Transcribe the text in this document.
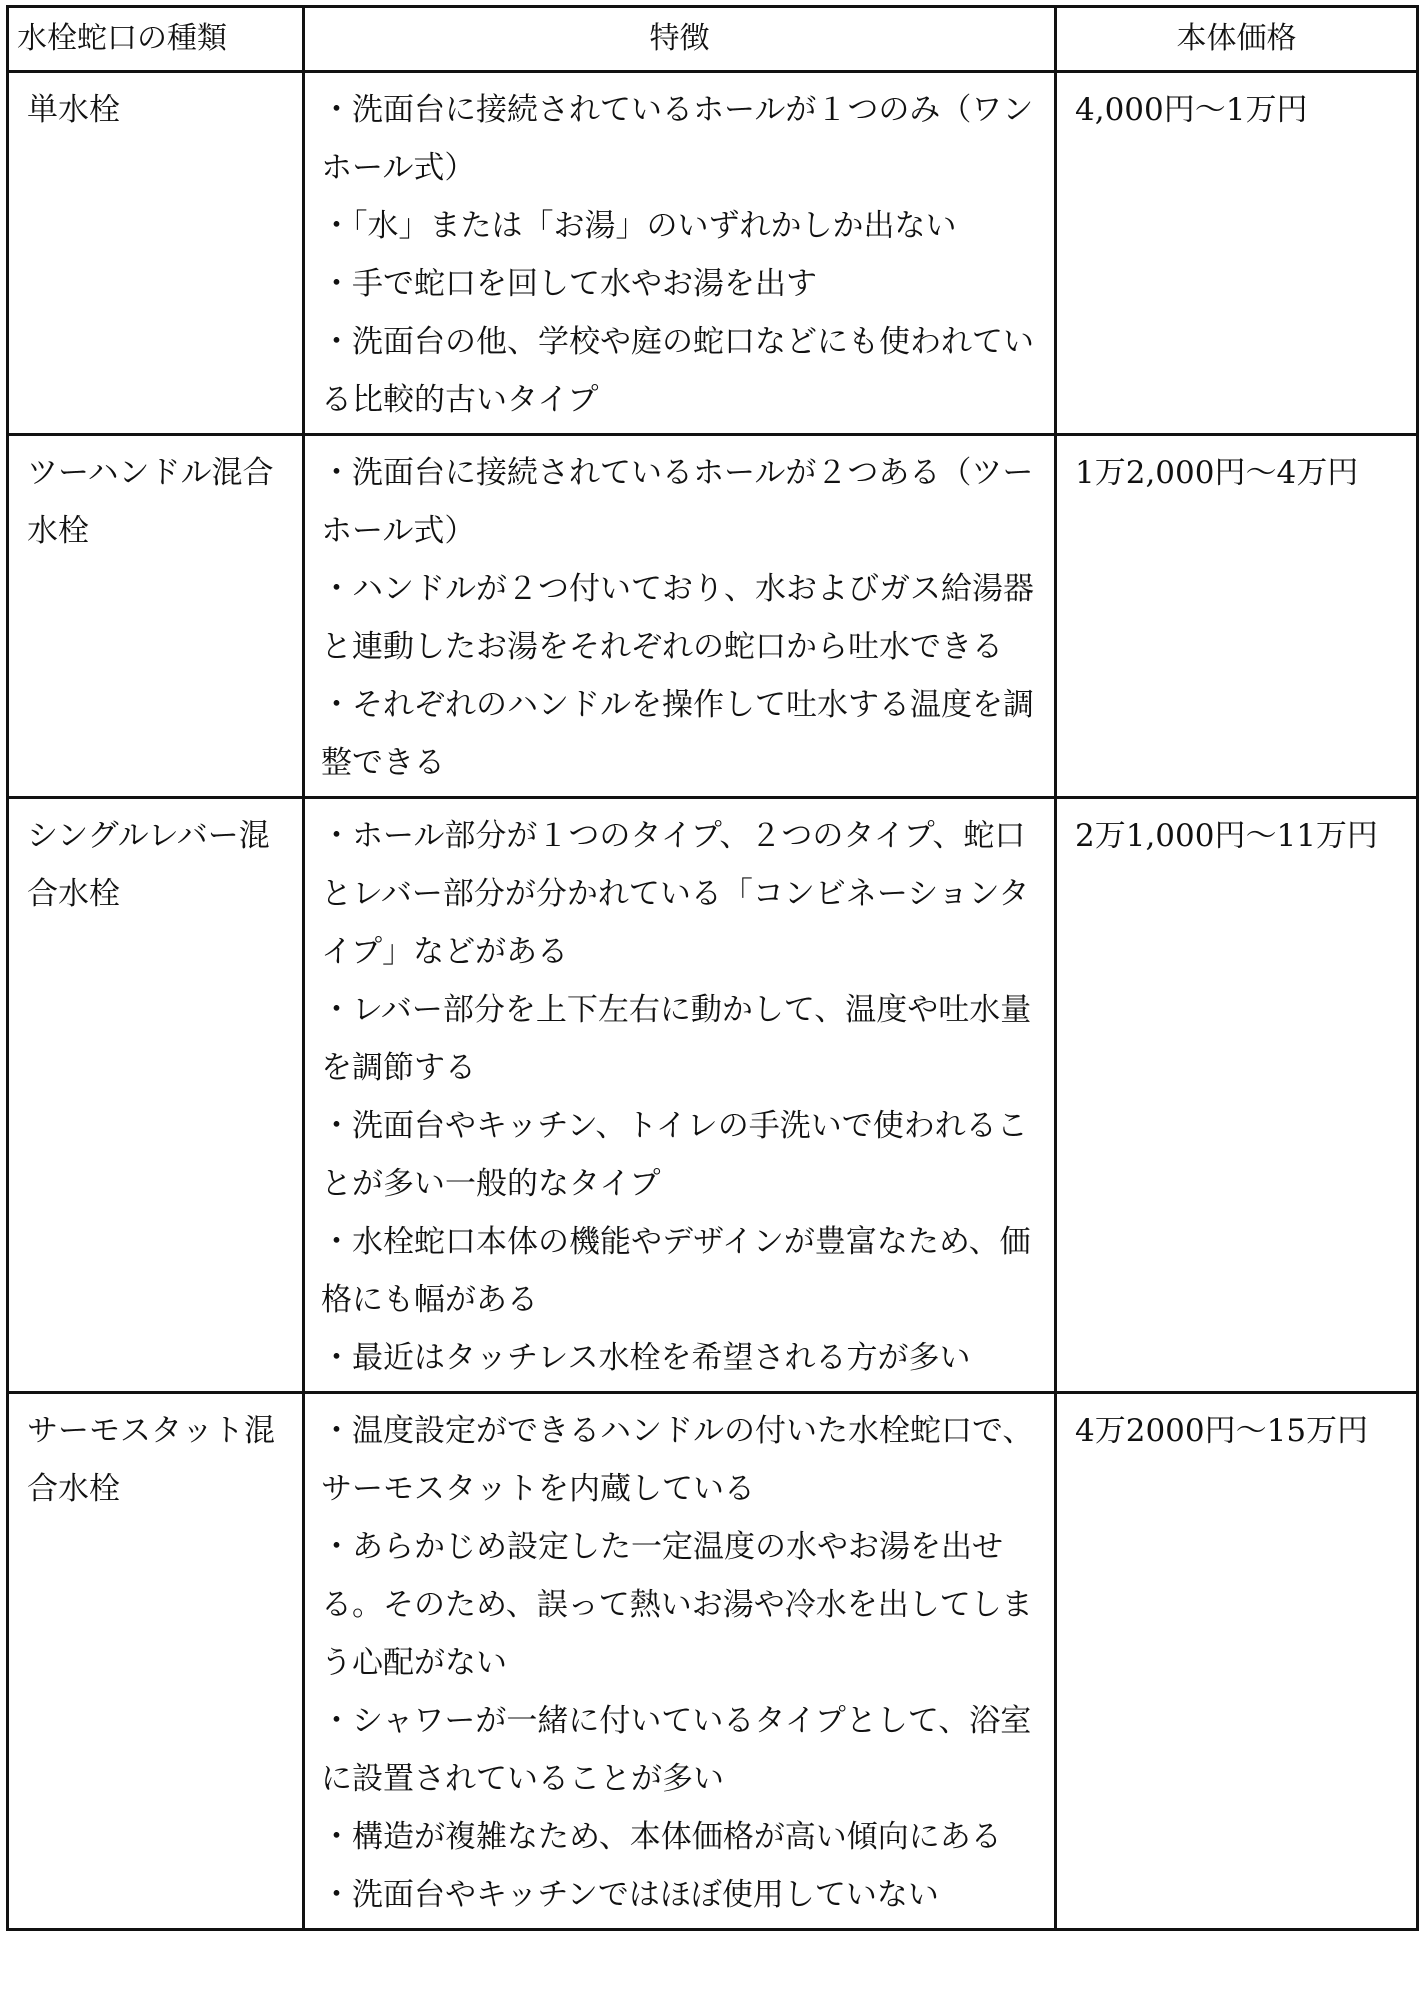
水栓蛇口の種類	特徴	本体価格
単水栓	・洗面台に接続されているホールが１つのみ（ワンホール式）
・「水」または「お湯」のいずれかしか出ない
・手で蛇口を回して水やお湯を出す
・洗面台の他、学校や庭の蛇口などにも使われている比較的古いタイプ	4,000円〜1万円
ツーハンドル混合水栓	・洗面台に接続されているホールが２つある（ツーホール式）
・ハンドルが２つ付いており、水およびガス給湯器と連動したお湯をそれぞれの蛇口から吐水できる
・それぞれのハンドルを操作して吐水する温度を調整できる	1万2,000円〜4万円
シングルレバー混合水栓	・ホール部分が１つのタイプ、２つのタイプ、蛇口とレバー部分が分かれている「コンビネーションタイプ」などがある
・レバー部分を上下左右に動かして、温度や吐水量を調節する
・洗面台やキッチン、トイレの手洗いで使われることが多い一般的なタイプ
・水栓蛇口本体の機能やデザインが豊富なため、価格にも幅がある
・最近はタッチレス水栓を希望される方が多い	2万1,000円〜11万円
サーモスタット混合水栓	・温度設定ができるハンドルの付いた水栓蛇口で、サーモスタットを内蔵している
・あらかじめ設定した一定温度の水やお湯を出せる。そのため、誤って熱いお湯や冷水を出してしまう心配がない
・シャワーが一緒に付いているタイプとして、浴室に設置されていることが多い
・構造が複雑なため、本体価格が高い傾向にある
・洗面台やキッチンではほぼ使用していない	4万2000円〜15万円
